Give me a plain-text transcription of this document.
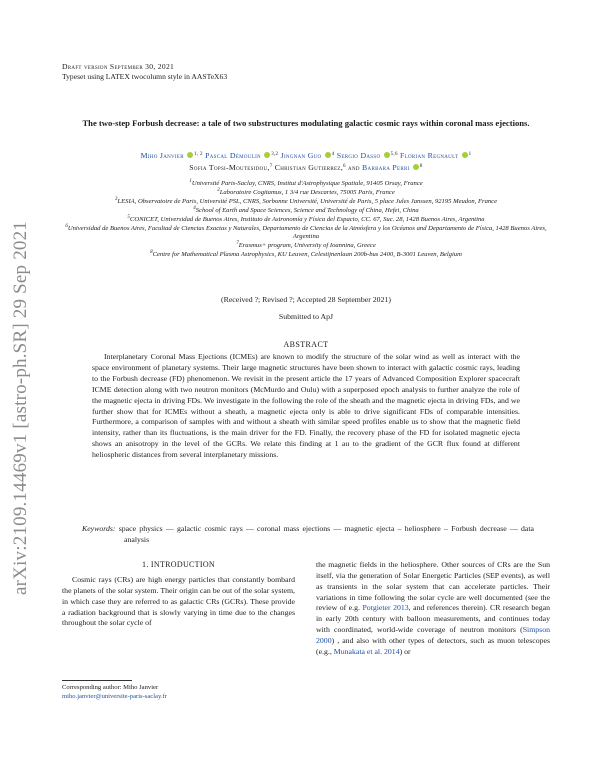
arXiv:2109.14469v1 [astro-ph.SR] 29 Sep 2021
Draft version September 30, 2021
Typeset using LATEX twocolumn style in AASTeX63
The two-step Forbush decrease: a tale of two substructures modulating galactic cosmic rays within coronal mass ejections.
Miho Janvier $^{1, 2}$ Pascal Démoulin $^{3,2}$ Jingnan Guo $^4$ Sergio Dasso $^{5,6}$ Florian Regnault $^1$
Sofia Topsi-Moutesidou,$^7$ Christian Gutierrez,$^6$ and Barbara Perri $^8$
$^1$Université Paris-Saclay, CNRS, Institut d'Astrophysique Spatiale, 91405 Orsay, France
$^2$Laboratoire Cogitamus, 1 3/4 rue Descartes, 75005 Paris, France
$^3$LESIA, Observatoire de Paris, Université PSL, CNRS, Sorbonne Université, Université de Paris, 5 place Jules Janssen, 92195 Meudon, France
$^4$School of Earth and Space Sciences, Science and Technology of China, Hefei, China
$^5$CONICET, Universidad de Buenos Aires, Instituto de Astronomía y Física del Espacio, CC. 67, Suc. 28, 1428 Buenos Aires, Argentina
$^6$Universidad de Buenos Aires, Facultad de Ciencias Exactas y Naturales, Departamento de Ciencias de la Atmósfera y los Océanos and Departamento de Física, 1428 Buenos Aires, Argentina
$^7$Erasmus+ program, University of Ioannina, Greece
$^8$Centre for Mathematical Plasma Astrophysics, KU Leuven, Celestijnenlaan 200b-bus 2400, B-3001 Leuven, Belgium
(Received ?; Revised ?; Accepted 28 September 2021)
Submitted to ApJ
ABSTRACT

Interplanetary Coronal Mass Ejections (ICMEs) are known to modify the structure of the solar wind as well as interact with the space environment of planetary systems. Their large magnetic structures have been shown to interact with galactic cosmic rays, leading to the Forbush decrease (FD) phenomenon. We revisit in the present article the 17 years of Advanced Composition Explorer spacecraft ICME detection along with two neutron monitors (McMurdo and Oulu) with a superposed epoch analysis to further analyze the role of the magnetic ejecta in driving FDs. We investigate in the following the role of the sheath and the magnetic ejecta in driving FDs, and we further show that for ICMEs without a sheath, a magnetic ejecta only is able to drive significant FDs of comparable intensities. Furthermore, a comparison of samples with and without a sheath with similar speed profiles enable us to show that the magnetic field intensity, rather than its fluctuations, is the main driver for the FD. Finally, the recovery phase of the FD for isolated magnetic ejecta shows an anisotropy in the level of the GCRs. We relate this finding at 1 au to the gradient of the GCR flux found at different heliospheric distances from several interplanetary missions.

Keywords: space physics — galactic cosmic rays — coronal mass ejections — magnetic ejecta – heliosphere – Forbush decrease — data analysis
1. INTRODUCTION

Cosmic rays (CRs) are high energy particles that constantly bombard the planets of the solar system. Their origin can be out of the solar system, in which case they are referred to as galactic CRs (GCRs). These provide a radiation background that is slowly varying in time due to the changes throughout the solar cycle of

the magnetic fields in the heliosphere. Other sources of CRs are the Sun itself, via the generation of Solar Energetic Particles (SEP events), as well as transients in the solar system that can accelerate particles. Their variations in time following the solar cycle are well documented (see the review of e.g. Potgieter 2013, and references therein). CR research began in early 20th century with balloon measurements, and continues today with coordinated, world-wide coverage of neutron monitors (Simpson 2000) , and also with other types of detectors, such as muon telescopes (e.g., Munakata et al. 2014) or

Corresponding author: Miho Janvier
miho.janvier@universite-paris-saclay.fr
